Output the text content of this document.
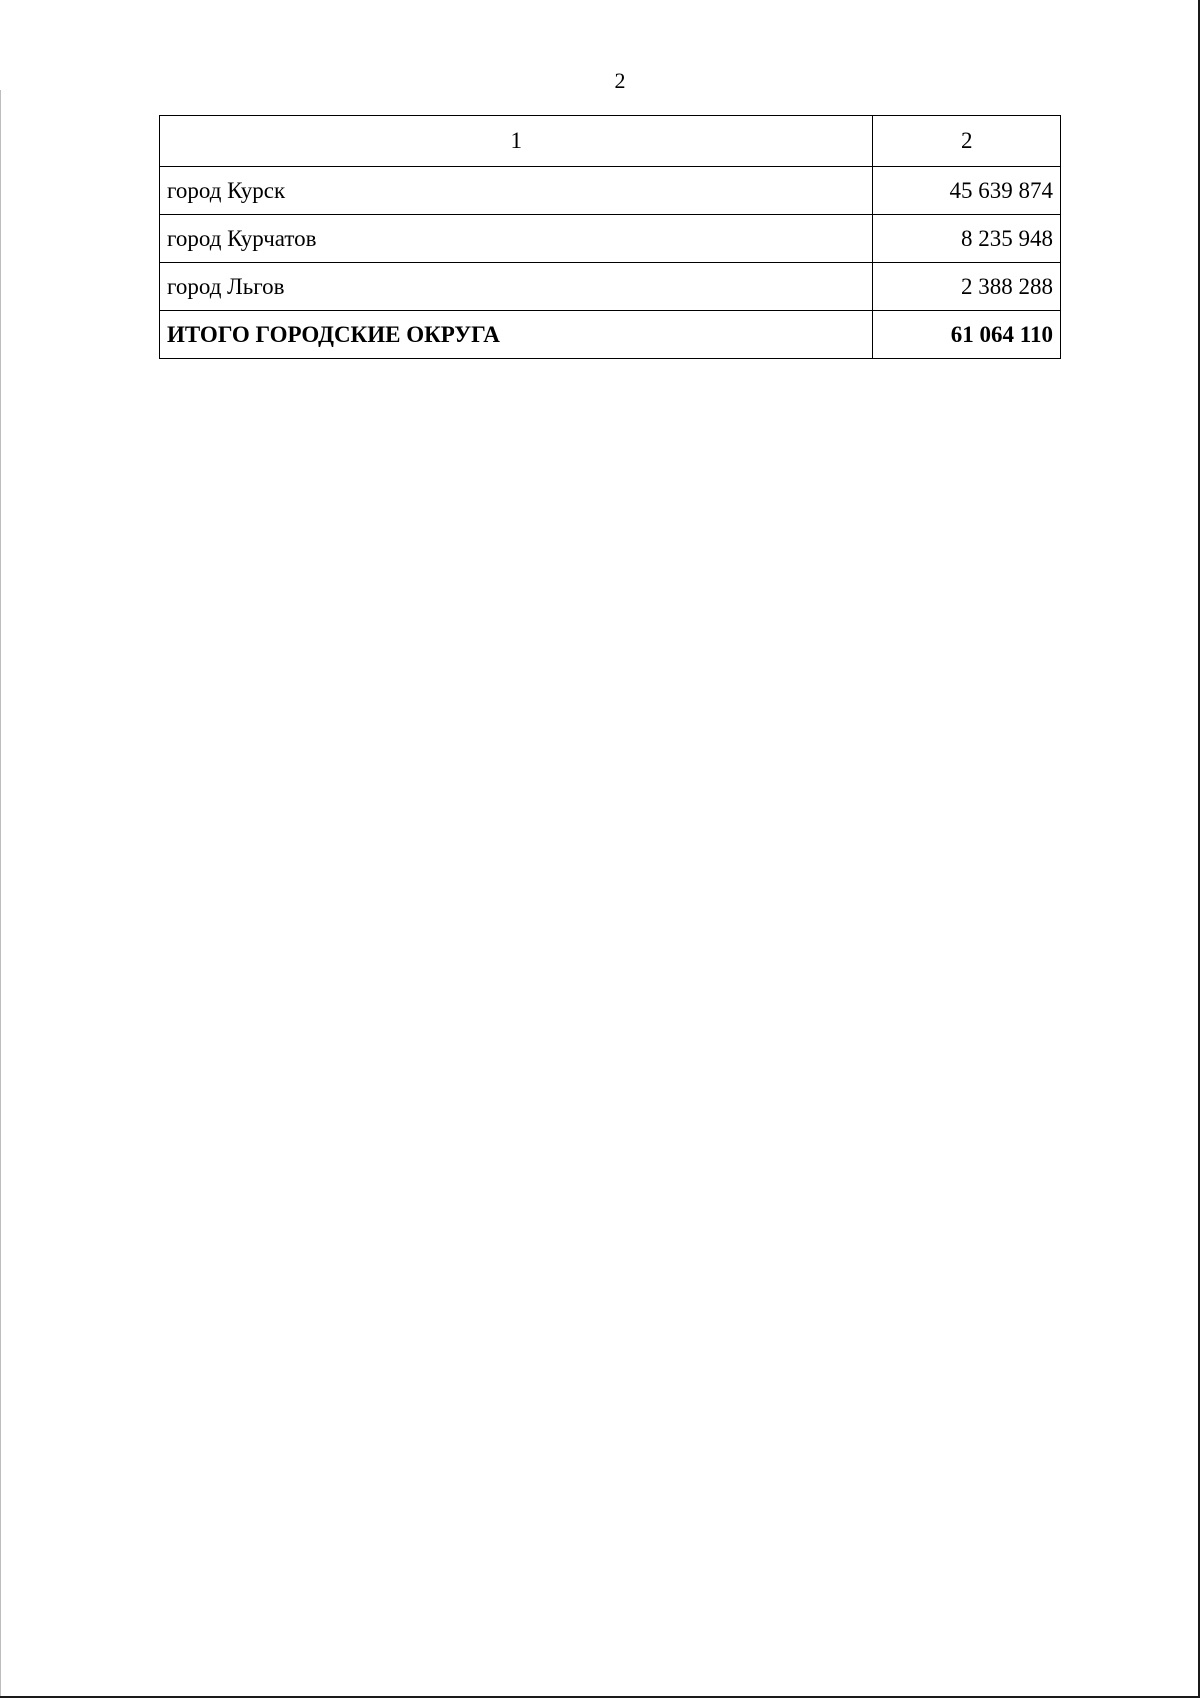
2
1	2
город Курск	45 639 874
город Курчатов	8 235 948
город Льгов	2 388 288
ИТОГО ГОРОДСКИЕ ОКРУГА	61 064 110
